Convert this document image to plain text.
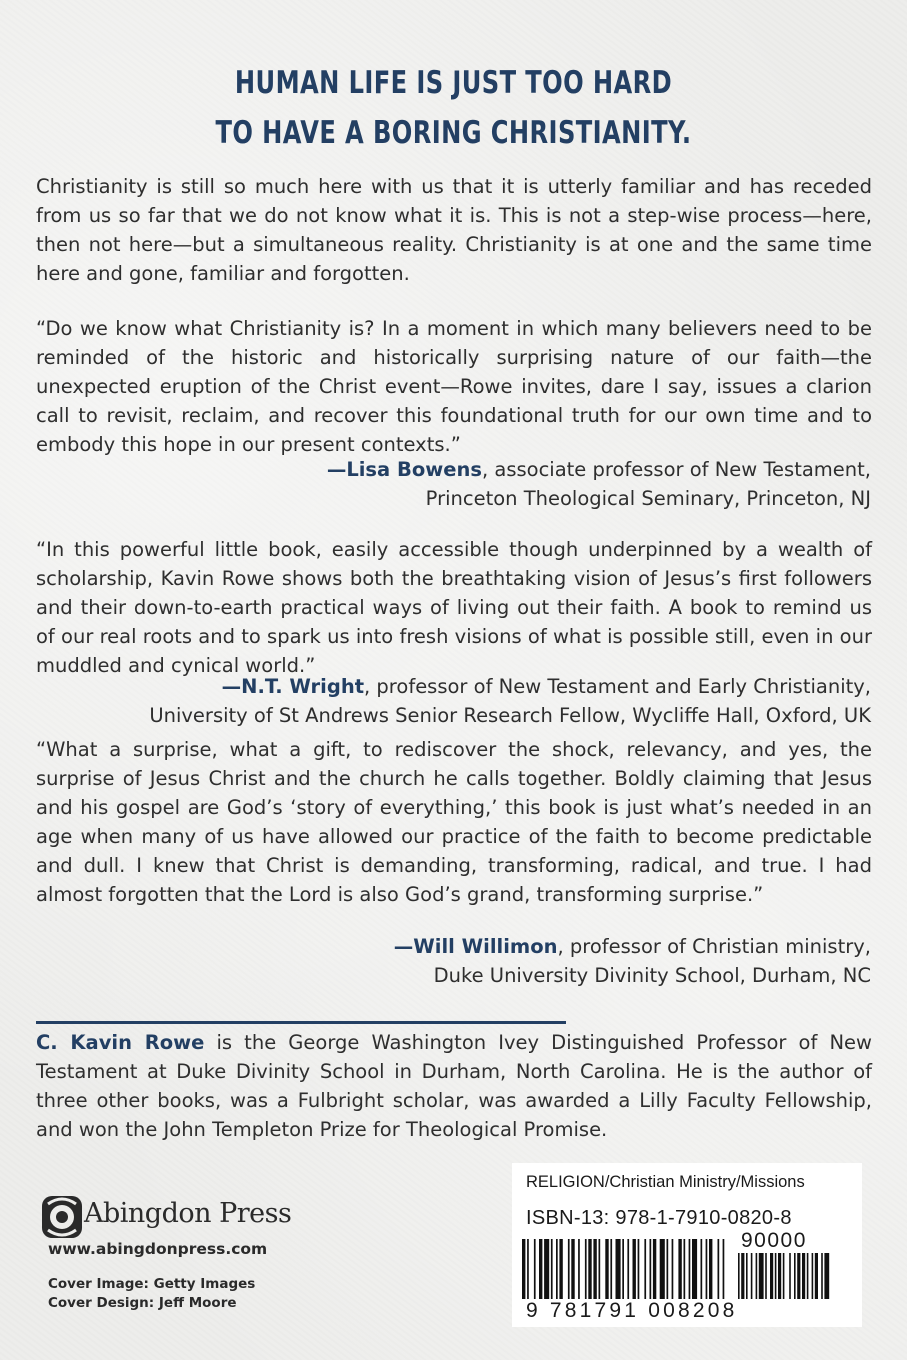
HUMAN LIFE IS JUST TOO HARD
TO HAVE A BORING CHRISTIANITY.
Christianity is still so much here with us that it is utterly familiar and has receded from us so far that we do not know what it is. This is not a step-wise process—here, then not here—but a simultaneous reality. Christianity is at one and the same time here and gone, familiar and forgotten.
“Do we know what Christianity is? In a moment in which many believers need to be reminded of the historic and historically surprising nature of our faith—the unexpected eruption of the Christ event—Rowe invites, dare I say, issues a clarion call to revisit, reclaim, and recover this foundational truth for our own time and to embody this hope in our present contexts.”
—Lisa Bowens, associate professor of New Testament,
Princeton Theological Seminary, Princeton, NJ
“In this powerful little book, easily accessible though underpinned by a wealth of scholarship, Kavin Rowe shows both the breathtaking vision of Jesus’s first followers and their down-to-earth practical ways of living out their faith. A book to remind us of our real roots and to spark us into fresh visions of what is possible still, even in our muddled and cynical world.”
—N.T. Wright, professor of New Testament and Early Christianity,
University of St Andrews Senior Research Fellow, Wycliffe Hall, Oxford, UK
“What a surprise, what a gift, to rediscover the shock, relevancy, and yes, the surprise of Jesus Christ and the church he calls together. Boldly claiming that Jesus and his gospel are God’s ‘story of everything,’ this book is just what’s needed in an age when many of us have allowed our practice of the faith to become predictable and dull. I knew that Christ is demanding, transforming, radical, and true. I had almost forgotten that the Lord is also God’s grand, transforming surprise.”
—Will Willimon, professor of Christian ministry,
Duke University Divinity School, Durham, NC
C. Kavin Rowe is the George Washington Ivey Distinguished Professor of New Testament at Duke Divinity School in Durham, North Carolina. He is the author of three other books, was a Fulbright scholar, was awarded a Lilly Faculty Fellowship, and won the John Templeton Prize for Theological Promise.
Abingdon Press
www.abingdonpress.com
Cover Image: Getty Images
Cover Design: Jeff Moore
RELIGION/Christian Ministry/Missions
ISBN-13: 978-1-7910-0820-8
90000
9 781791 008208
